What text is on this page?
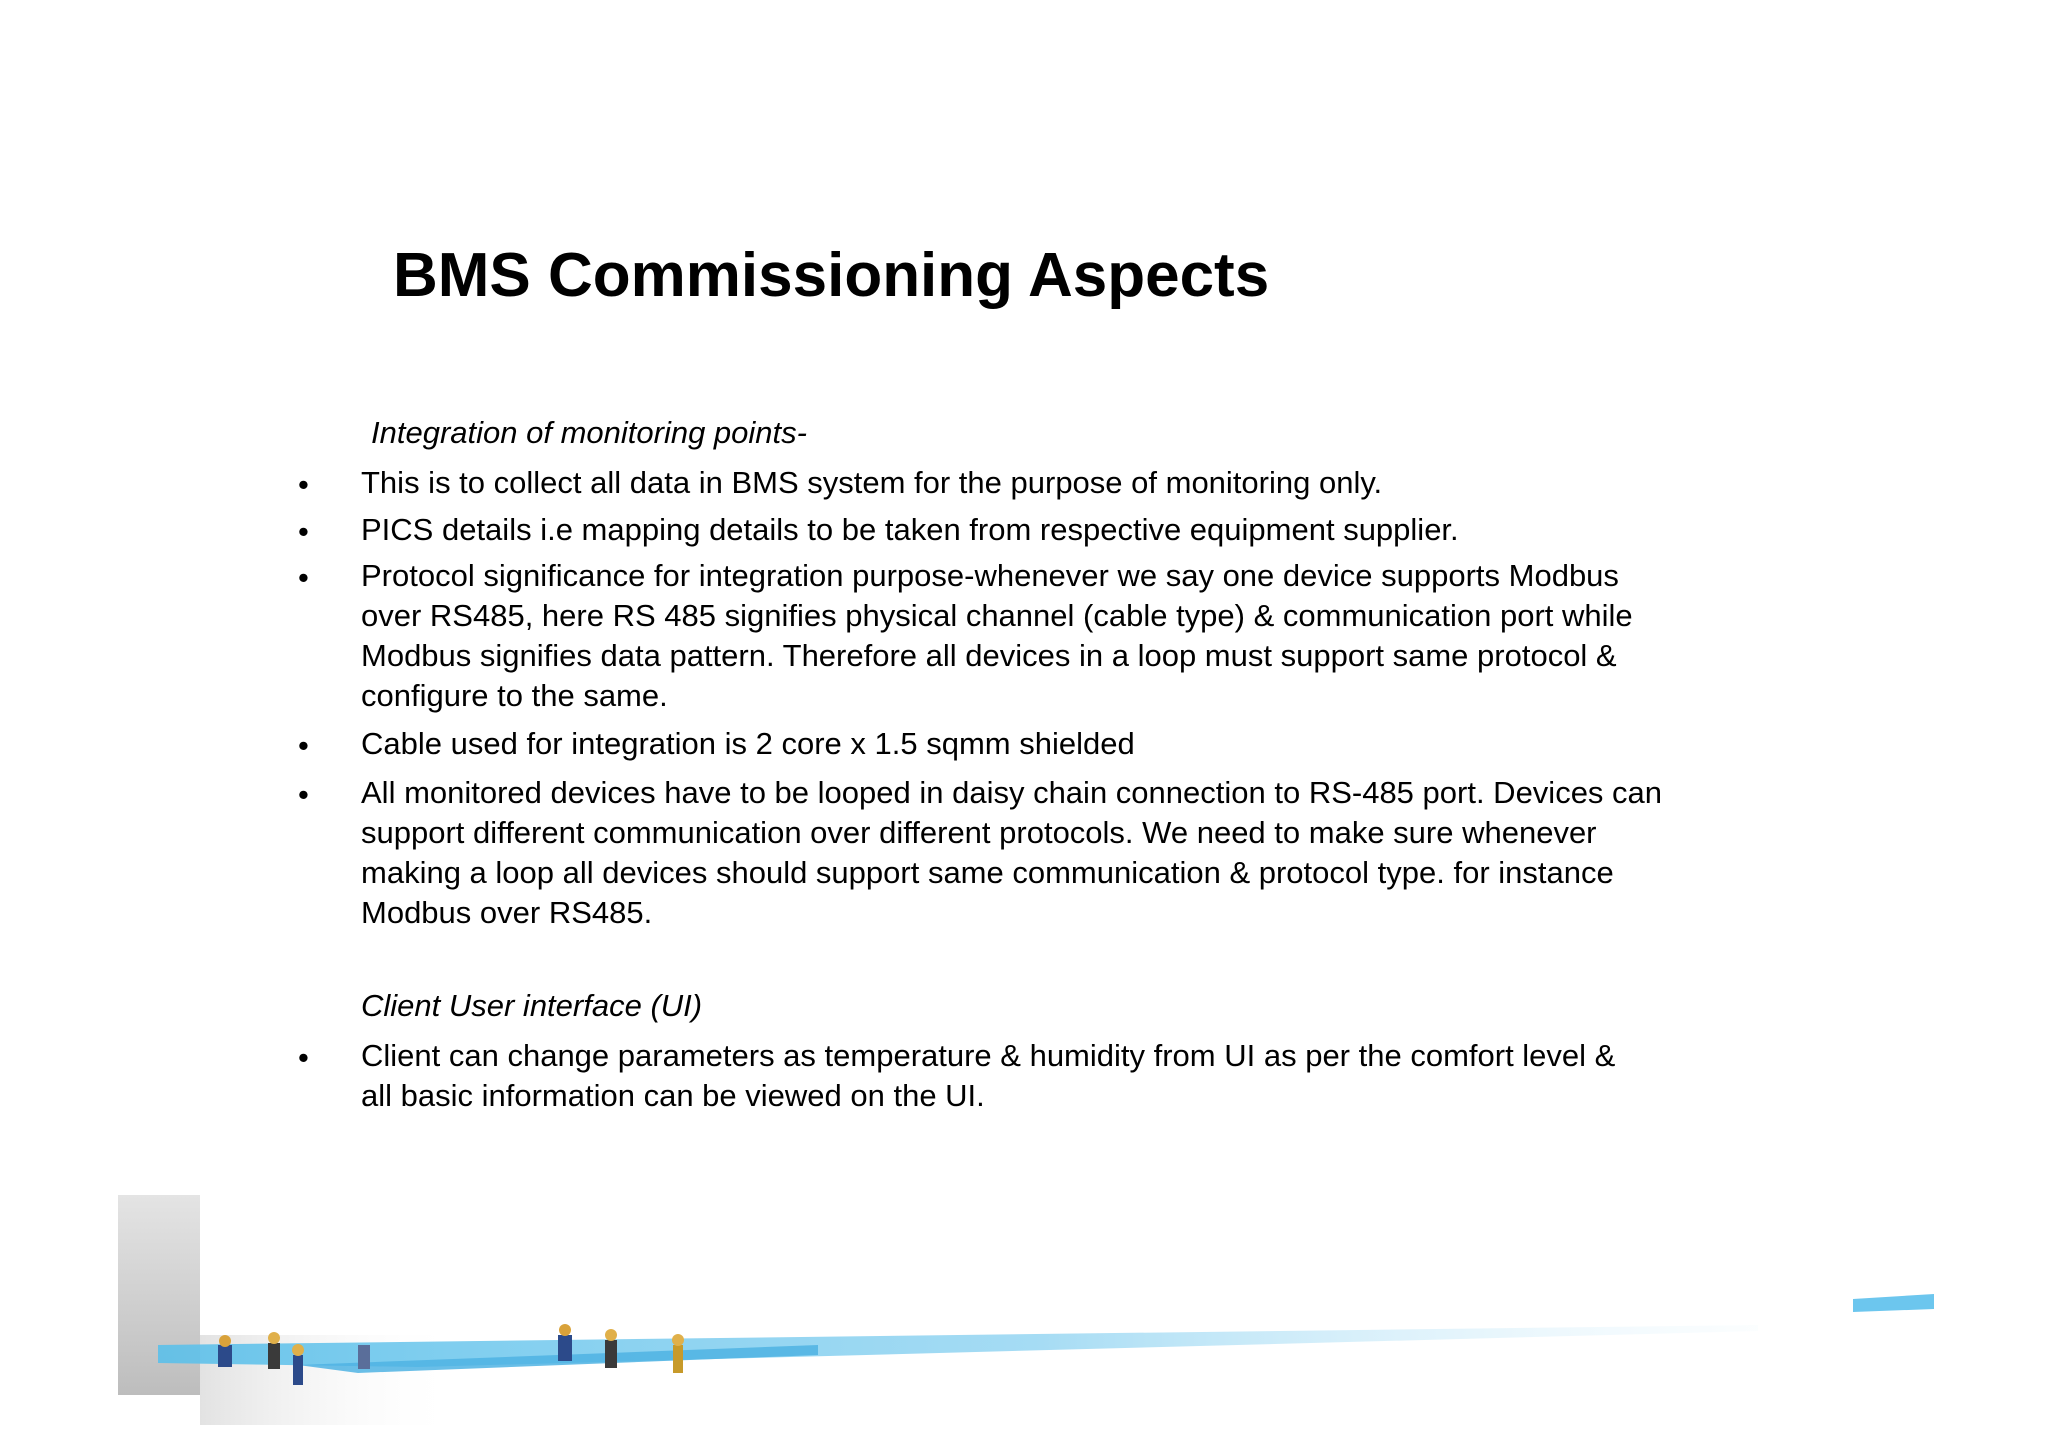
BMS Commissioning Aspects
Integration of monitoring points-
• This is to collect all data in BMS system for the purpose of monitoring only.
• PICS details i.e mapping details to be taken from respective equipment supplier.
• Protocol significance for integration purpose-whenever we say one device supports Modbus
over RS485, here RS 485 signifies physical channel (cable type) & communication port while
Modbus signifies data pattern. Therefore all devices in a loop must support same protocol &
configure to the same.
• Cable used for integration is 2 core x 1.5 sqmm shielded
• All monitored devices have to be looped in daisy chain connection to RS-485 port. Devices can
support different communication over different protocols. We need to make sure whenever
making a loop all devices should support same communication & protocol type. for instance
Modbus over RS485.
Client User interface (UI)
• Client can change parameters as temperature & humidity from UI as per the comfort level &
all basic information can be viewed on the UI.
